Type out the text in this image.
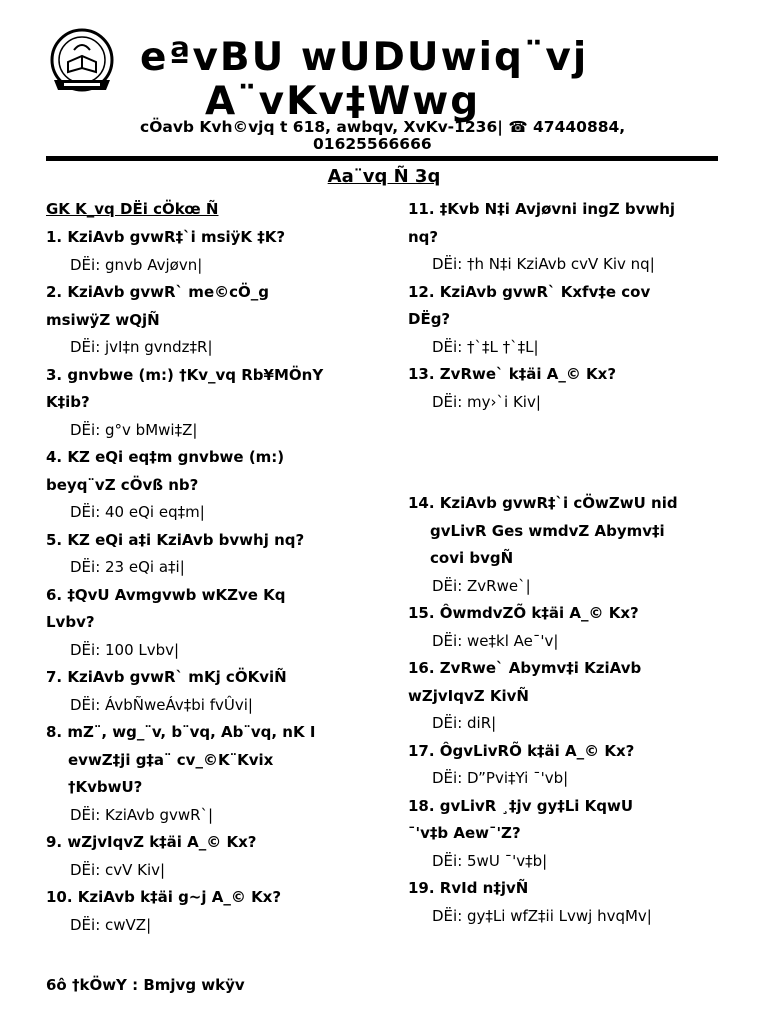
eªvBU wUDUwiq¨vj
A¨vKv‡Wwg
cÖavb Kvh©vjq t 618, awbqv, XvKv-1236| ☎ 47440884,
01625566666
Aa¨vq Ñ 3q
GK K_vq DËi cÖkœ Ñ
1. KziAvb gvwR‡`i msiÿK ‡K?
DËi: gnvb Avjøvn|
2. KziAvb gvwR` me©cÖ_g
msiwÿZ wQjÑ
DËi: jvI‡n gvndz‡R|
3. gnvbwe (m:) †Kv_vq Rb¥MÖnY
K‡ib?
DËi: g°v bMwi‡Z|
4. KZ eQi eq‡m gnvbwe (m:)
beyq¨vZ cÖvß nb?
DËi: 40 eQi eq‡m|
5. KZ eQi a‡i KziAvb bvwhj nq?
DËi: 23 eQi a‡i|
6. ‡QvU Avmgvwb wKZve Kq
Lvbv?
DËi: 100 Lvbv|
7. KziAvb gvwR` mKj cÖKviÑ
DËi: ÁvbÑweÁv‡bi fvÛvi|
8. mZ¨, wg_¨v, b¨vq, Ab¨vq, nK I
evwZ‡ji g‡a¨ cv_©K¨Kvix
†KvbwU?
DËi: KziAvb gvwR`|
9. wZjvIqvZ k‡äi A_© Kx?
DËi: cvV Kiv|
10. KziAvb k‡äi g~j A_© Kx?
DËi: cwVZ|
11. ‡Kvb N‡i Avjøvni ingZ bvwhj
nq?
DËi: †h N‡i KziAvb cvV Kiv nq|
12. KziAvb gvwR` Kxfv‡e cov
DËg?
DËi: †`‡L †`‡L|
13. ZvRwe` k‡äi A_© Kx?
DËi: my›`i Kiv|
14. KziAvb gvwR‡`i cÖwZwU nid
gvLivR Ges wmdvZ Abymv‡i
covi bvgÑ
DËi: ZvRwe`|
15. ÔwmdvZÕ k‡äi A_© Kx?
DËi: we‡kl Ae¯'v|
16. ZvRwe` Abymv‡i KziAvb
wZjvIqvZ KivÑ
DËi: diR|
17. ÔgvLivRÕ k‡äi A_© Kx?
DËi: D”Pvi‡Yi ¯'vb|
18. gvLivR ¸‡jv gy‡Li KqwU
¯'v‡b Aew¯'Z?
DËi: 5wU ¯'v‡b|
19. RvId n‡jvÑ
DËi: gy‡Li wfZ‡ii Lvwj hvqMv|
6ô †kÖwY : Bmjvg wkÿv
